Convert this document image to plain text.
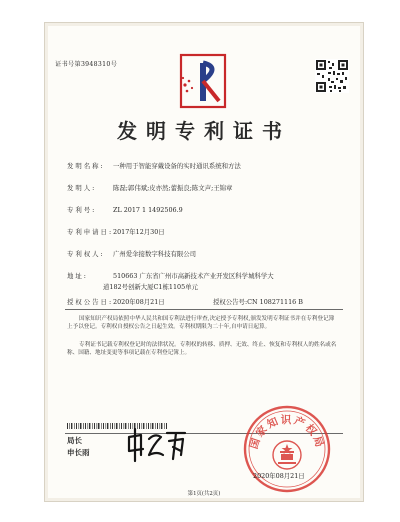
证书号第3948310号
发明专利证书
发明名称: 一种用于智能穿戴设备的实时通讯系统和方法
发明人:	陈磊;郭伟斌;皮亦然;蕾振良;陈文声;王锦章
专利号:	ZL 2017 1 1492506.9
专利申请日:2017年12月30日
专利权人: 广州爱伞接数字科技有限公司
地址:	510663 广东省广州市高新技术产业开发区科学城科学大
道182号创新大厦C1栋1105单元
授权公告日:2020年08月21日	授权公告号:CN 108271116 B
国家知识产权局依照中华人民共和国专利法进行审查,决定授予专利权,颁发发明专利证书并在专利登记簿上予以登记。专利权自授权公告之日起生效。专利权期限为二十年,自申请日起算。
专利证书记载专利权登记时的法律状况。专利权的转移、质押、无效、终止、恢复和专利权人的姓名或名称、国籍、地址变更等事项记载在专利登记簿上。
局长
申长雨
国家知识产权局
2020年08月21日
第1页(共2页)
